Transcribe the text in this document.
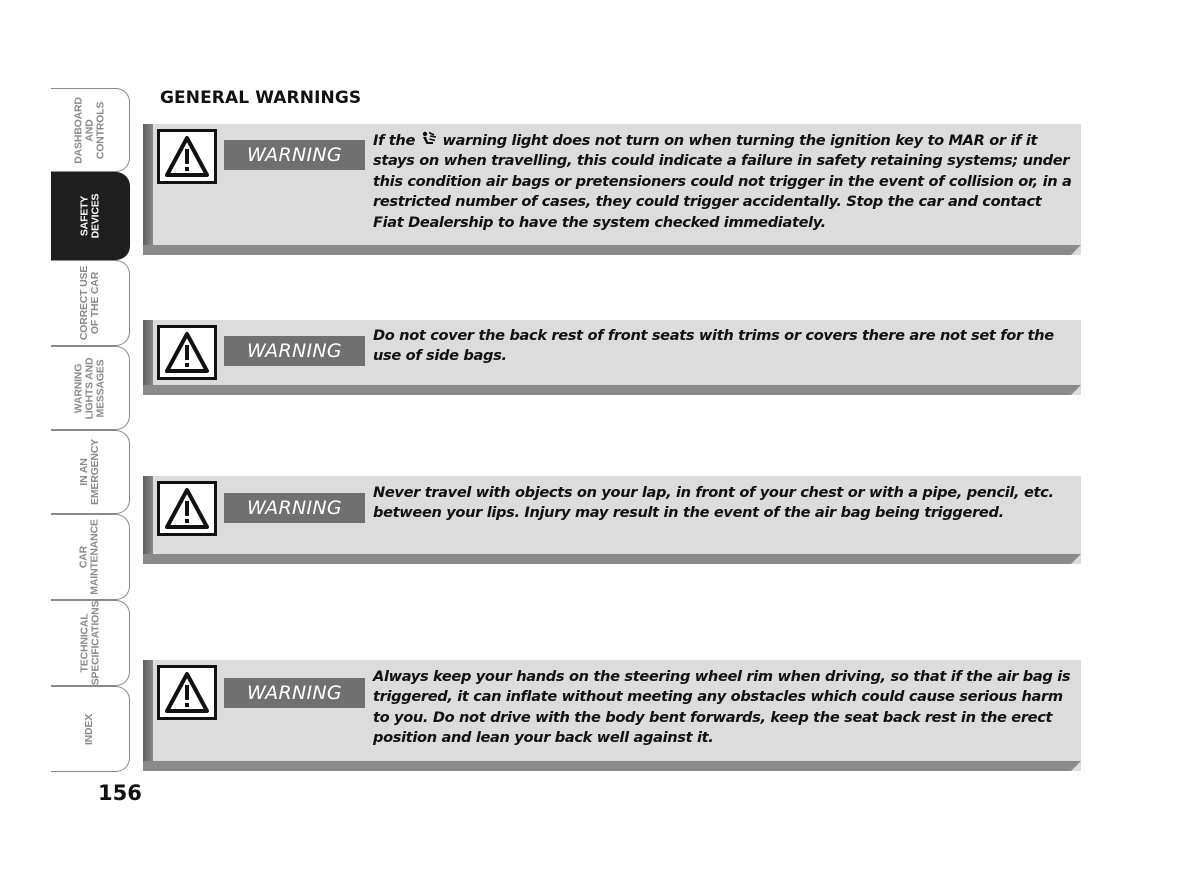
DASHBOARD
AND
CONTROLS
SAFETY
DEVICES
CORRECT USE
OF THE CAR
WARNING
LIGHTS AND
MESSAGES
IN AN
EMERGENCY
CAR
MAINTENANCE
TECHNICAL
SPECIFICATIONS
INDEX
156
GENERAL WARNINGS
WARNING
If the warning light does not turn on when turning the ignition key to MAR or if it stays on when travelling, this could indicate a failure in safety retaining systems; under this condition air bags or pretensioners could not trigger in the event of collision or, in a restricted number of cases, they could trigger accidentally. Stop the car and contact Fiat Dealership to have the system checked immediately.
WARNING
Do not cover the back rest of front seats with trims or covers there are not set for the use of side bags.
WARNING
Never travel with objects on your lap, in front of your chest or with a pipe, pencil, etc. between your lips. Injury may result in the event of the air bag being triggered.
WARNING
Always keep your hands on the steering wheel rim when driving, so that if the air bag is triggered, it can inflate without meeting any obstacles which could cause serious harm to you. Do not drive with the body bent forwards, keep the seat back rest in the erect position and lean your back well against it.
